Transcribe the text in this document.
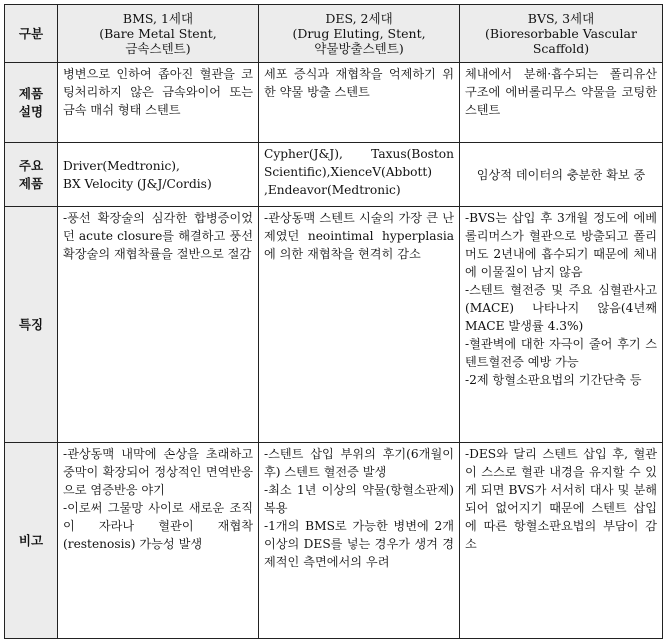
구분	BMS, 1세대
(Bare Metal Stent,
금속스텐트)	DES, 2세대
(Drug Eluting, Stent,
약물방출스텐트)	BVS, 3세대
(Bioresorbable Vascular
Scaffold)

제품
설명	병변으로 인하여 좁아진 혈관을 코팅처리하지 않은 금속와이어 또는 금속 매쉬 형태 스텐트	세포 증식과 재협착을 억제하기 위한 약물 방출 스텐트	체내에서 분해·흡수되는 폴리유산 구조에 에버롤리무스 약물을 코팅한 스텐트

주요
제품	Driver(Medtronic),
BX Velocity (J&J/Cordis)	Cypher(J&J), Taxus(Boston Scientific),XienceV(Abbott) ,Endeavor(Medtronic)	임상적 데이터의 충분한 확보 중
특징	-풍선 확장술의 심각한 합병증이었던 acute closure를 해결하고 풍선확장술의 재협착률을 절반으로 절감	-관상동맥 스텐트 시술의 가장 큰 난제였던 neointimal hyperplasia에 의한 재협착을 현격히 감소	-BVS는 삽입 후 3개월 정도에 에베롤리머스가 혈관으로 방출되고 폴리머도 2년내에 흡수되기 때문에 체내에 이물질이 남지 않음
-스텐트 혈전증 및 주요 심혈관사고(MACE) 나타나지 않음(4년째 MACE 발생률 4.3%)
-혈관벽에 대한 자극이 줄어 후기 스텐트혈전증 예방 가능
-2제 항혈소판요법의 기간단축 등

비고	-관상동맥 내막에 손상을 초래하고 중막이 확장되어 정상적인 면역반응으로 염증반응 야기
-이로써 그물망 사이로 새로운 조직이 자라나 혈관이 재협착(restenosis) 가능성 발생	-스텐트 삽입 부위의 후기(6개월이후) 스텐트 혈전증 발생
-최소 1년 이상의 약물(항혈소판제) 복용
-1개의 BMS로 가능한 병변에 2개 이상의 DES를 넣는 경우가 생겨 경제적인 측면에서의 우려	-DES와 달리 스텐트 삽입 후, 혈관이 스스로 혈관 내경을 유지할 수 있게 되면 BVS가 서서히 대사 및 분해되어 없어지기 때문에 스텐트 삽입에 따른 항혈소판요법의 부담이 감소
